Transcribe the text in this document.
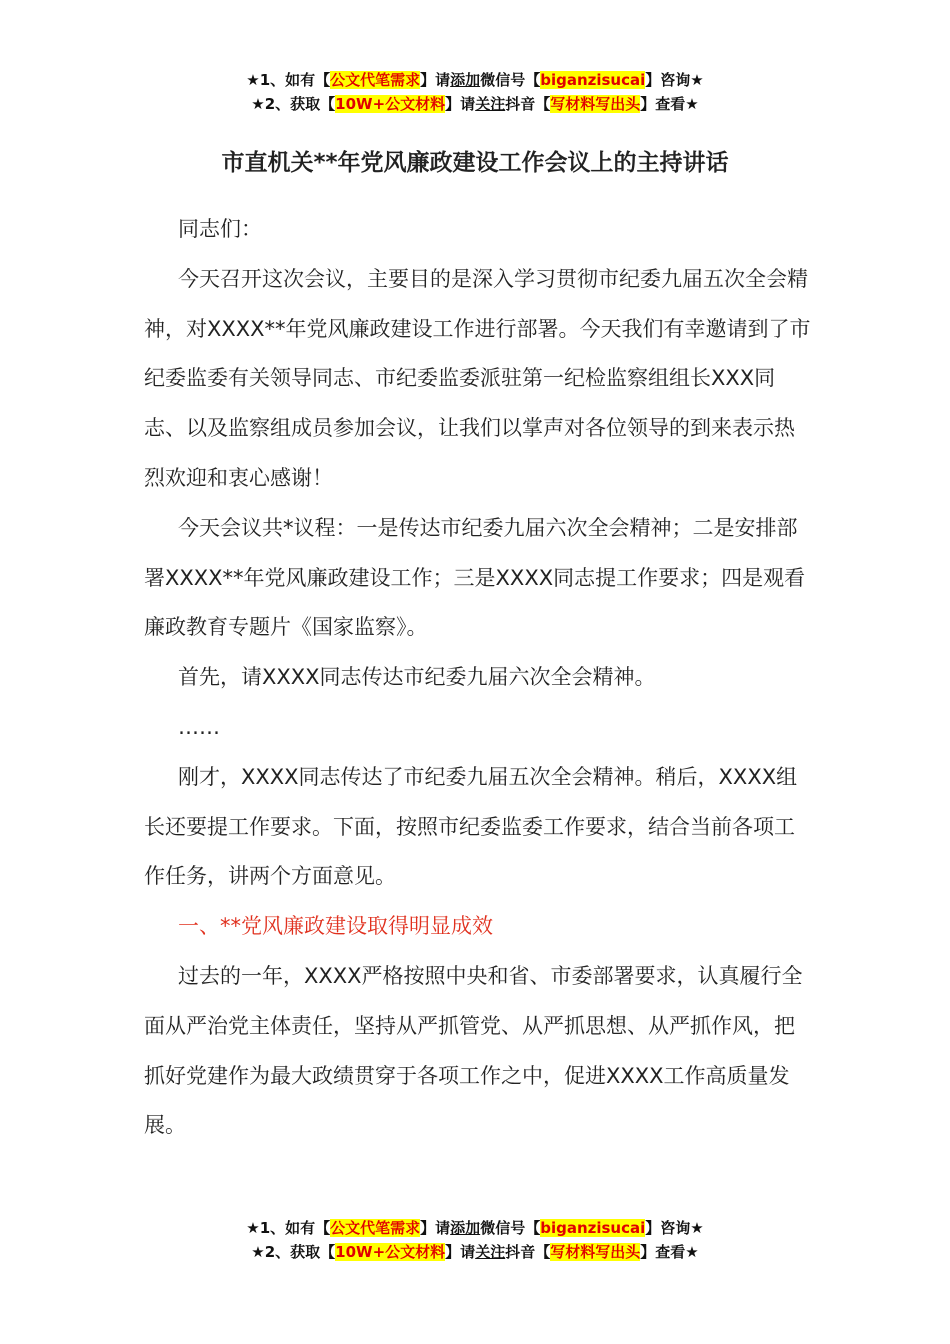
★1、如有【公文代笔需求】请添加微信号【biganzisucai】咨询★
★2、获取【10W+公文材料】请关注抖音【写材料写出头】查看★
市直机关**年党风廉政建设工作会议上的主持讲话

同志们：

今天召开这次会议，主要目的是深入学习贯彻市纪委九届五次全会精神，对XXXX**年党风廉政建设工作进行部署。今天我们有幸邀请到了市纪委监委有关领导同志、市纪委监委派驻第一纪检监察组组长XXX同志、以及监察组成员参加会议，让我们以掌声对各位领导的到来表示热烈欢迎和衷心感谢！

今天会议共*议程：一是传达市纪委九届六次全会精神；二是安排部署XXXX**年党风廉政建设工作；三是XXXX同志提工作要求；四是观看廉政教育专题片《国家监察》。

首先，请XXXX同志传达市纪委九届六次全会精神。

……

刚才，XXXX同志传达了市纪委九届五次全会精神。稍后，XXXX组长还要提工作要求。下面，按照市纪委监委工作要求，结合当前各项工作任务，讲两个方面意见。

一、**党风廉政建设取得明显成效

过去的一年，XXXX严格按照中央和省、市委部署要求，认真履行全面从严治党主体责任，坚持从严抓管党、从严抓思想、从严抓作风，把抓好党建作为最大政绩贯穿于各项工作之中，促进XXXX工作高质量发展。

★1、如有【公文代笔需求】请添加微信号【biganzisucai】咨询★
★2、获取【10W+公文材料】请关注抖音【写材料写出头】查看★
